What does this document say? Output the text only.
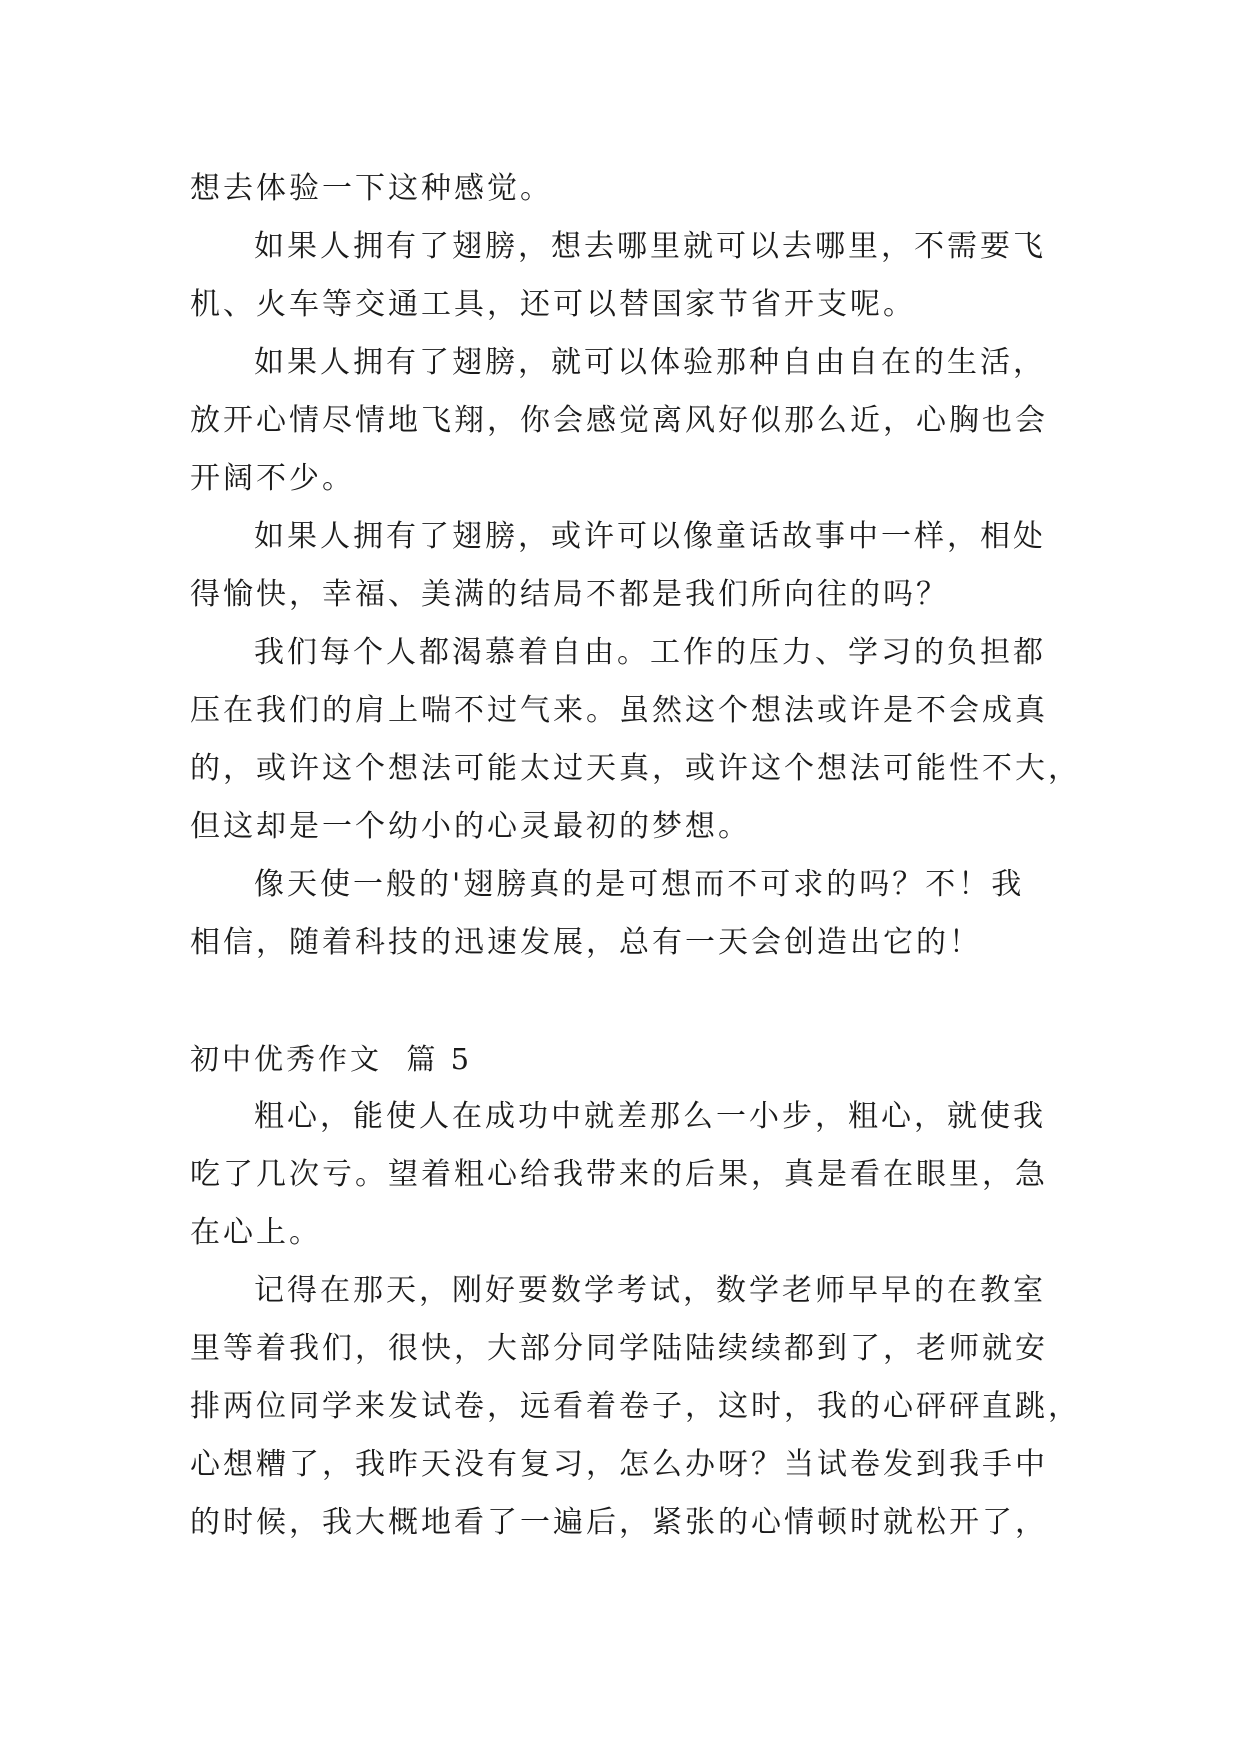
想去体验一下这种感觉。
如果人拥有了翅膀，想去哪里就可以去哪里，不需要飞
机、火车等交通工具，还可以替国家节省开支呢。
如果人拥有了翅膀，就可以体验那种自由自在的生活，
放开心情尽情地飞翔，你会感觉离风好似那么近，心胸也会
开阔不少。
如果人拥有了翅膀，或许可以像童话故事中一样，相处
得愉快，幸福、美满的结局不都是我们所向往的吗？
我们每个人都渴慕着自由。工作的压力、学习的负担都
压在我们的肩上喘不过气来。虽然这个想法或许是不会成真
的，或许这个想法可能太过天真，或许这个想法可能性不大，
但这却是一个幼小的心灵最初的梦想。
像天使一般的'翅膀真的是可想而不可求的吗？不！我
相信，随着科技的迅速发展，总有一天会创造出它的！
初中优秀作文  篇 5
粗心，能使人在成功中就差那么一小步，粗心，就使我
吃了几次亏。望着粗心给我带来的后果，真是看在眼里，急
在心上。
记得在那天，刚好要数学考试，数学老师早早的在教室
里等着我们，很快，大部分同学陆陆续续都到了，老师就安
排两位同学来发试卷，远看着卷子，这时，我的心砰砰直跳，
心想糟了，我昨天没有复习，怎么办呀？当试卷发到我手中
的时候，我大概地看了一遍后，紧张的心情顿时就松开了，
